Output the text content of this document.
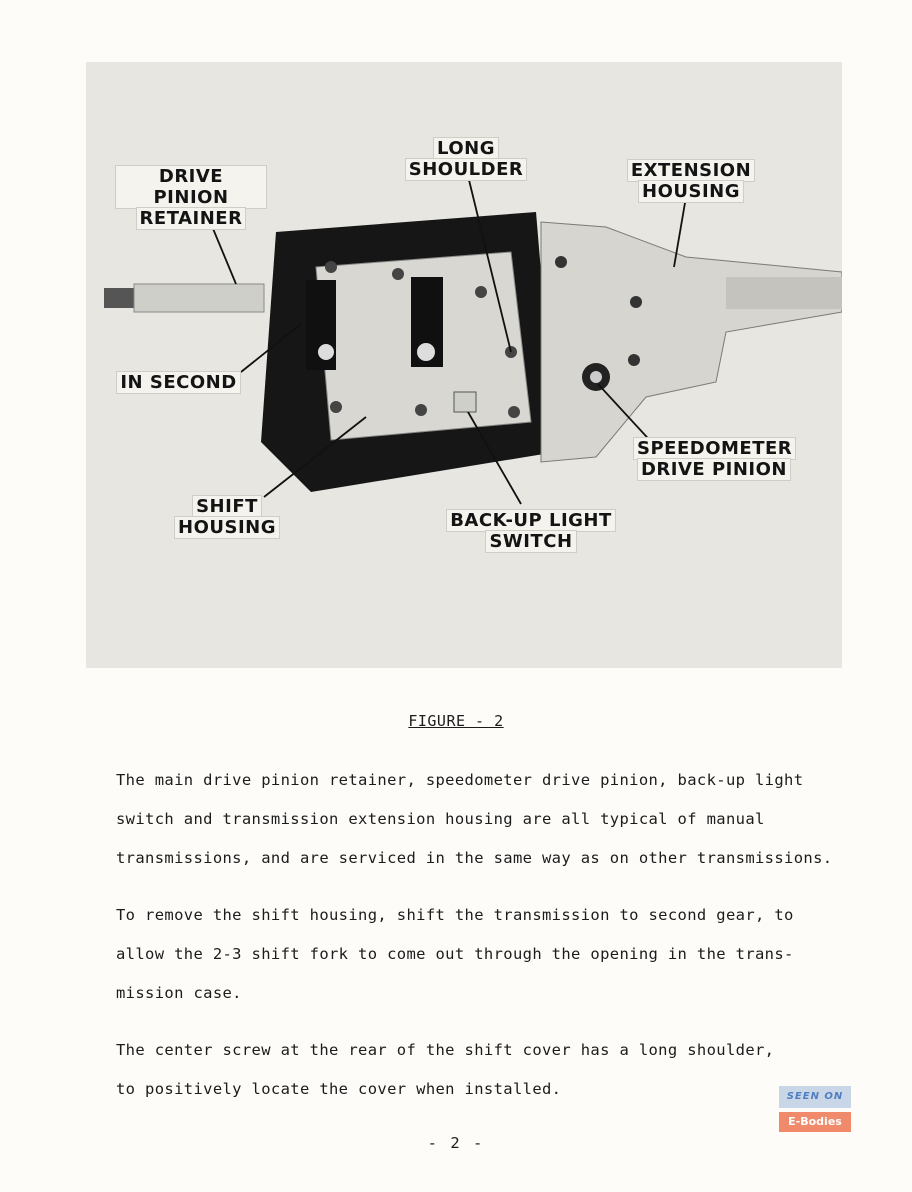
DRIVE PINION
RETAINER
LONG
SHOULDER	EXTENSION
HOUSING
IN SECOND
SPEEDOMETER
DRIVE PINION
SHIFT
HOUSING	BACK-UP LIGHT
SWITCH
FIGURE - 2
The main drive pinion retainer, speedometer drive pinion, back-up light
switch and transmission extension housing are all typical of manual
transmissions, and are serviced in the same way as on other transmissions.
To remove the shift housing, shift the transmission to second gear, to
allow the 2-3 shift fork to come out through the opening in the trans-
mission case.
The center screw at the rear of the shift cover has a long shoulder,
to positively locate the cover when installed.
- 2 -
SEEN ON
E-Bodies
